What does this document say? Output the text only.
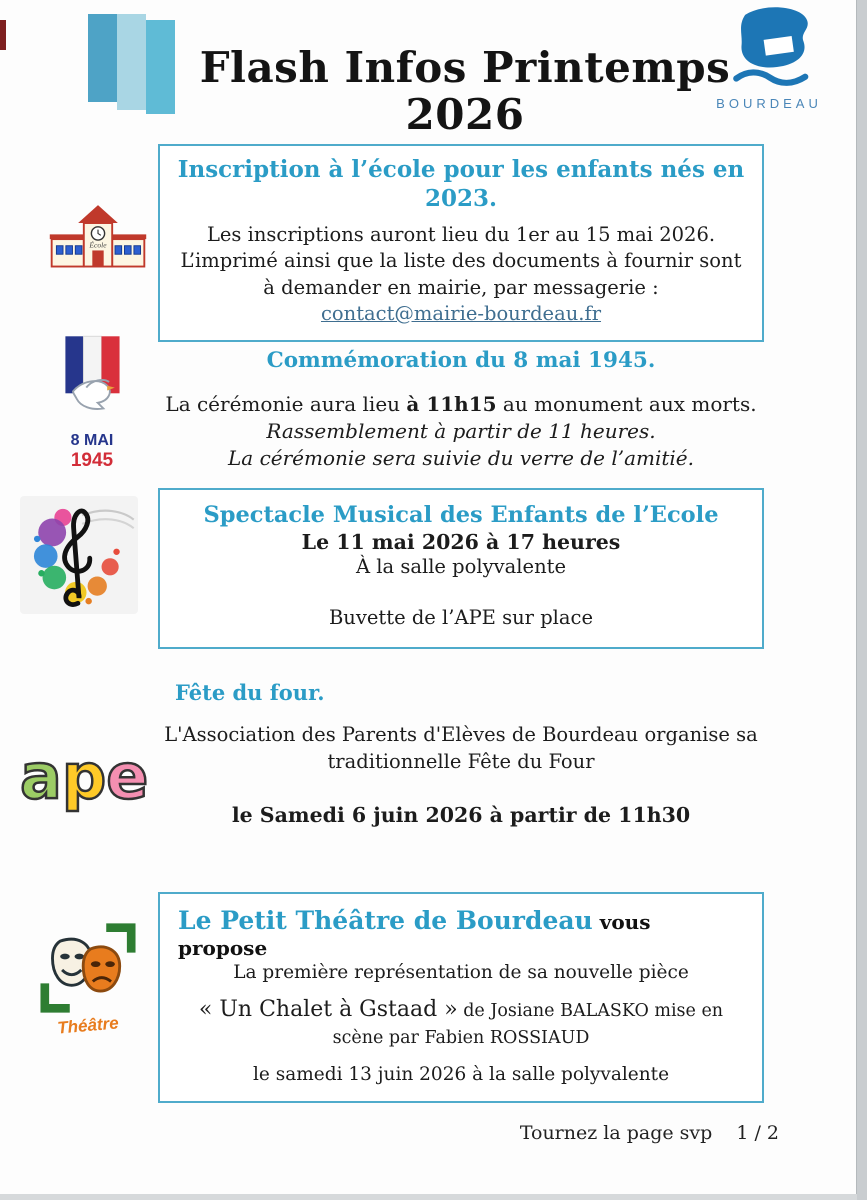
Flash Infos Printemps
2026	BOURDEAU
École
Inscription à l’école pour les enfants nés en 2023.
Les inscriptions auront lieu du 1er au 15 mai 2026.
L’imprimé ainsi que la liste des documents à fournir sont à demander en mairie, par messagerie :
contact@mairie-bourdeau.fr
8 MAI
1945
Commémoration du 8 mai 1945.
La cérémonie aura lieu à 11h15 au monument aux morts.
Rassemblement à partir de 11 heures.
La cérémonie sera suivie du verre de l’amitié.
Spectacle Musical des Enfants de l’Ecole
Le 11 mai 2026 à 17 heures
À la salle polyvalente
Buvette de l’APE sur place
ape
Fête du four.
L'Association des Parents d'Elèves de Bourdeau organise sa traditionnelle Fête du Four
le Samedi 6 juin 2026 à partir de 11h30
Théâtre
Le Petit Théâtre de Bourdeau vous propose
La première représentation de sa nouvelle pièce
« Un Chalet à Gstaad » de Josiane BALASKO mise en scène par Fabien ROSSIAUD
le samedi 13 juin 2026 à la salle polyvalente
Tournez la page svp 1 / 2
